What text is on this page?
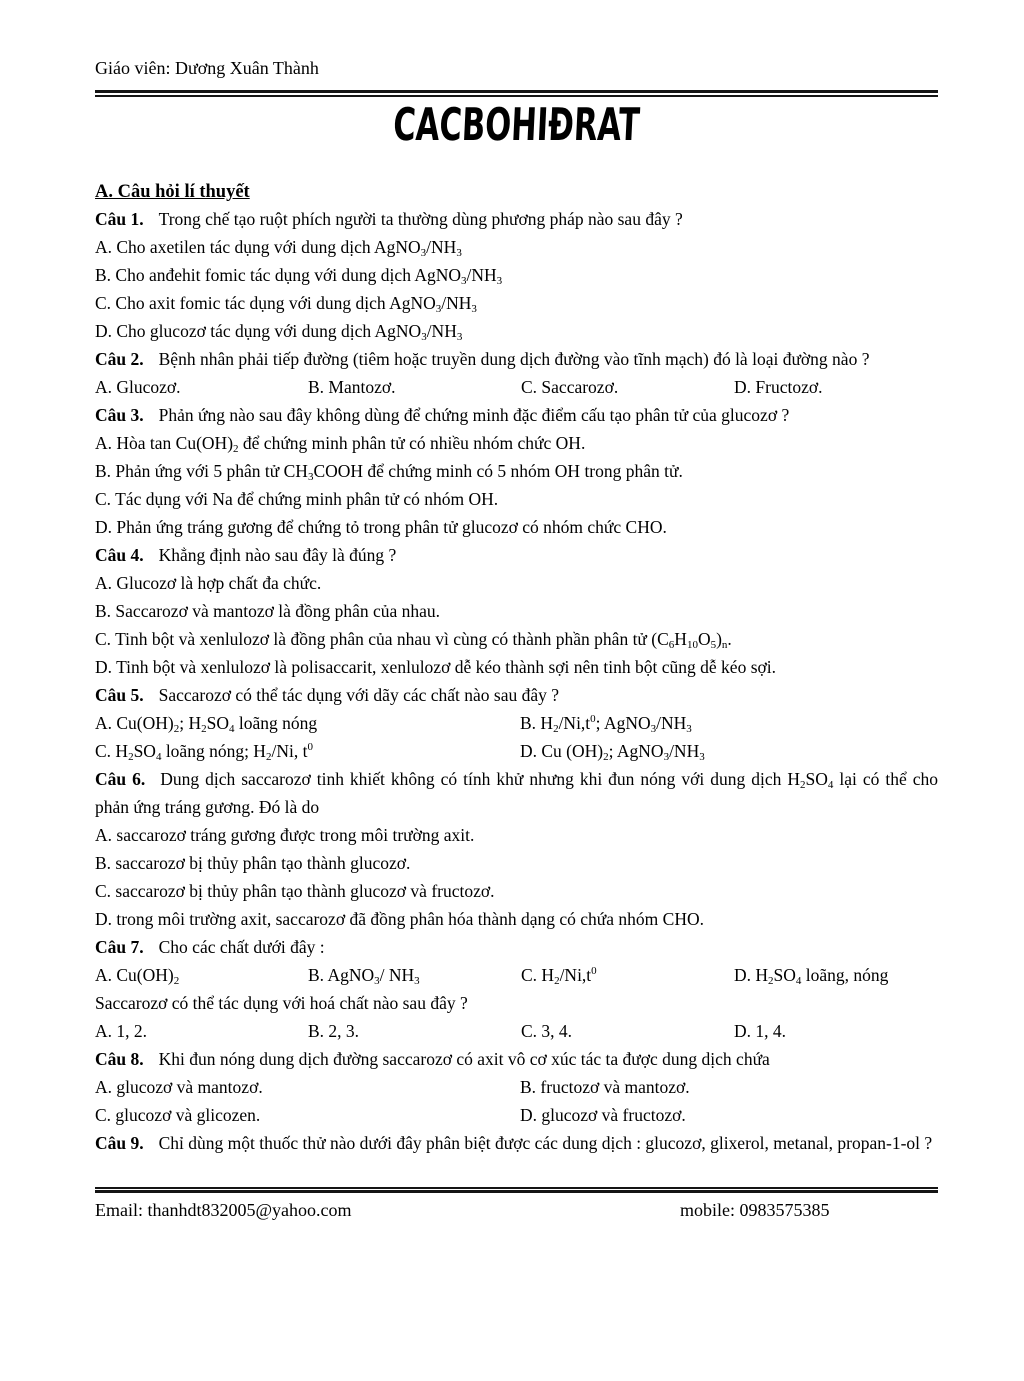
Giáo viên: Dương Xuân Thành
CACBOHIĐRAT
A. Câu hỏi lí thuyết

Câu 1. Trong chế tạo ruột phích người ta thường dùng phương pháp nào sau đây ?

A. Cho axetilen tác dụng với dung dịch $AgNO_3/NH_3$

B. Cho anđehit fomic tác dụng với dung dịch $AgNO_3/NH_3$

C. Cho axit fomic tác dụng với dung dịch $AgNO_3/NH_3$

D. Cho glucozơ tác dụng với dung dịch $AgNO_3/NH_3$

Câu 2. Bệnh nhân phải tiếp đường (tiêm hoặc truyền dung dịch đường vào tĩnh mạch) đó là loại đường nào ?

A. Glucozơ.	B. Mantozơ.	C. Saccarozơ.	D. Fructozơ.

Câu 3. Phản ứng nào sau đây không dùng để chứng minh đặc điểm cấu tạo phân tử của glucozơ ?

A. Hòa $\tan Cu(OH)_2$ để chứng minh phân tử có nhiều nhóm chức OH.

B. Phản ứng với 5 phân tử $CH_3COOH$ để chứng minh có 5 nhóm OH trong phân tử.

C. Tác dụng với Na để chứng minh phân tử có nhóm OH.

D. Phản ứng tráng gương để chứng tỏ trong phân tử glucozơ có nhóm chức CHO.

Câu 4. Khẳng định nào sau đây là đúng ?

A. Glucozơ là hợp chất đa chức.

B. Saccarozơ và mantozơ là đồng phân của nhau.

C. Tinh bột và xenlulozơ là đồng phân của nhau vì cùng có thành phần phân tử $(C_6H_{10}O_5)_n$.

D. Tinh bột và xenlulozơ là polisaccarit, xenlulozơ dễ kéo thành sợi nên tinh bột cũng dễ kéo sợi.

Câu 5. Saccarozơ có thể tác dụng với dãy các chất nào sau đây ?

A. $Cu(OH)_2$; $H_2SO_4$ loãng nóng	B. $H_2/Ni,t^0$; $AgNO_3/NH_3$
C. $H_2SO_4$ loãng nóng; $H_2/Ni$, $t^0$	D. Cu $(OH)_2$; $AgNO_3/NH_3$

Câu 6. Dung dịch saccarozơ tinh khiết không có tính khử nhưng khi đun nóng với dung dịch $H_2SO_4$ lại có thể cho phản ứng tráng gương. Đó là do

A. saccarozơ tráng gương được trong môi trường axit.

B. saccarozơ bị thủy phân tạo thành glucozơ.

C. saccarozơ bị thủy phân tạo thành glucozơ và fructozơ.

D. trong môi trường axit, saccarozơ đã đồng phân hóa thành dạng có chứa nhóm CHO.

Câu 7. Cho các chất dưới đây :

A. $Cu(OH)_2$	B. AgNO$_3$/ $NH_3$	C. $H_2/Ni,t^0$	D. $H_2SO_4$ loãng, nóng

Saccarozơ có thể tác dụng với hoá chất nào sau đây ?

A. 1, 2.	B. 2, 3.	C. 3, 4.	D. 1, 4.

Câu 8. Khi đun nóng dung dịch đường saccarozơ có axit vô cơ xúc tác ta được dung dịch chứa

A. glucozơ và mantozơ.	B. fructozơ và mantozơ.
C. glucozơ và glicozen.	D. glucozơ và fructozơ.

Câu 9. Chỉ dùng một thuốc thử nào dưới đây phân biệt được các dung dịch : glucozơ, glixerol, metanal, propan-1-ol ?

Email: thanhdt832005@yahoo.com	mobile: 0983575385
